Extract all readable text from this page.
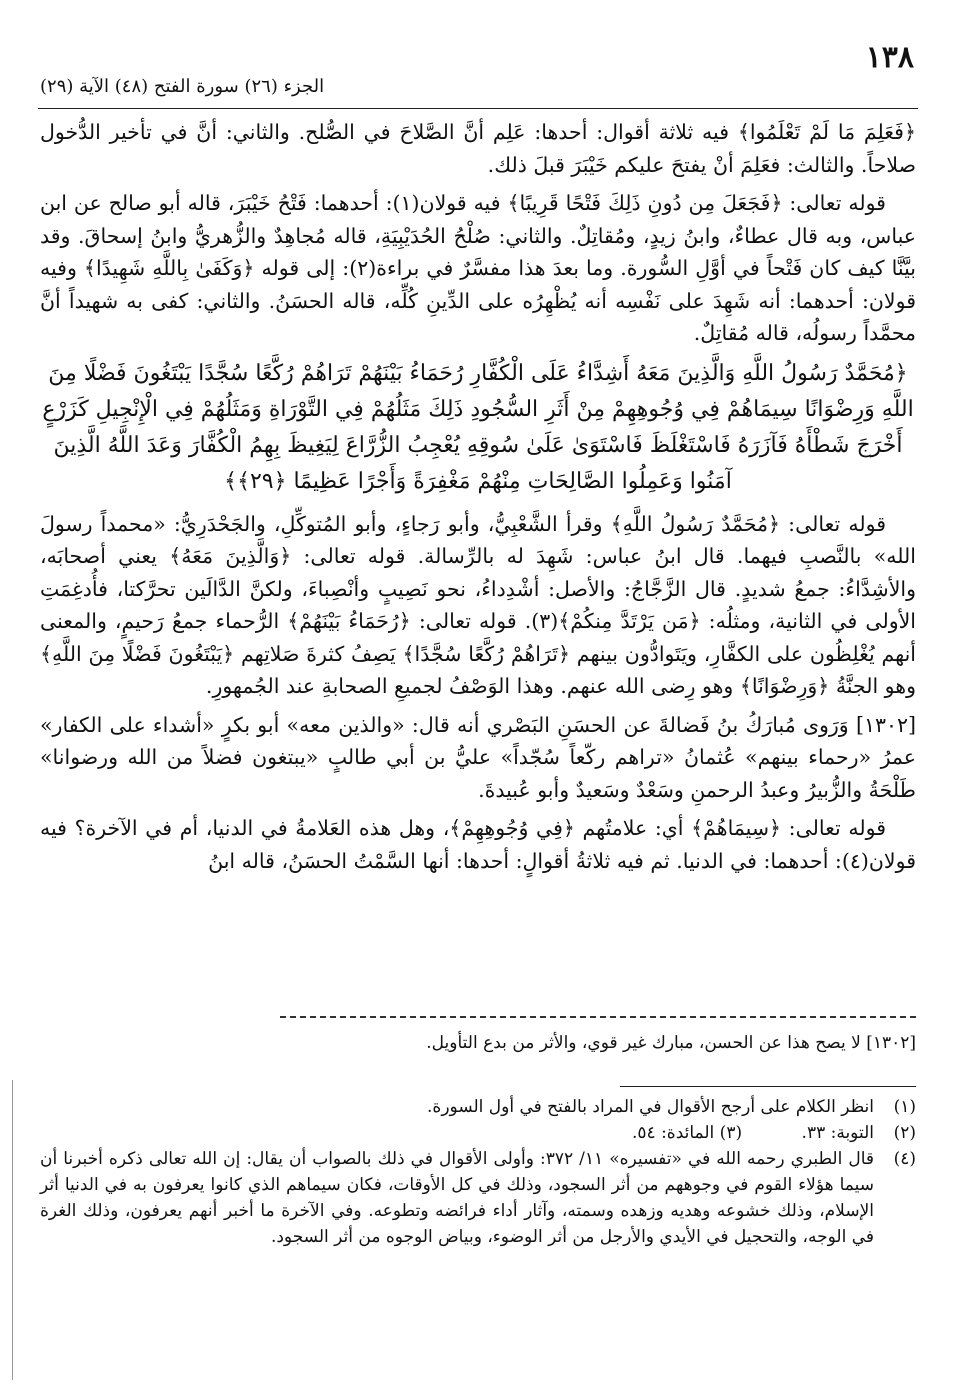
١٣٨
الجزء (٢٦) سورة الفتح (٤٨) الآية (٢٩)

﴿فَعَلِمَ مَا لَمْ تَعْلَمُوا﴾ فيه ثلاثة أقوال: أحدها: عَلِم أنَّ الصَّلاحَ في الصُّلح. والثاني: أنَّ في تأخير الدُّخول صلاحاً. والثالث: فعَلِمَ أنْ يفتحَ عليكم خَيْبَرَ قبلَ ذلك.

قوله تعالى: ﴿فَجَعَلَ مِن دُونِ ذَلِكَ فَتْحًا قَرِيبًا﴾ فيه قولان(١): أحدهما: فَتْحُ خَيْبَرَ، قاله أبو صالح عن ابن عباس، وبه قال عطاءٌ، وابنُ زيدٍ، ومُقاتِلٌ. والثاني: صُلْحُ الحُدَيْبِيَةِ، قاله مُجاهِدٌ والزُّهريُّ وابنُ إسحاقَ. وقد بيَّنَّا كيف كان فَتْحاً في أوَّلِ السُّورة. وما بعدَ هذا مفسَّرٌ في براءة(٢): إلى قوله ﴿وَكَفَىٰ بِاللَّهِ شَهِيدًا﴾ وفيه قولان: أحدهما: أنه شَهِدَ على نَفْسِه أنه يُظْهِرُه على الدِّينِ كُلِّه، قاله الحسَنُ. والثاني: كفى به شهيداً أنَّ محمَّداً رسولُه، قاله مُقاتِلٌ.

﴿مُحَمَّدٌ رَسُولُ اللَّهِ وَالَّذِينَ مَعَهُ أَشِدَّاءُ عَلَى الْكُفَّارِ رُحَمَاءُ بَيْنَهُمْ تَرَاهُمْ رُكَّعًا سُجَّدًا يَبْتَغُونَ فَضْلًا مِنَ اللَّهِ وَرِضْوَانًا سِيمَاهُمْ فِي وُجُوهِهِمْ مِنْ أَثَرِ السُّجُودِ ذَلِكَ مَثَلُهُمْ فِي التَّوْرَاةِ وَمَثَلُهُمْ فِي الْإِنْجِيلِ كَزَرْعٍ أَخْرَجَ شَطْأَهُ فَآزَرَهُ فَاسْتَغْلَظَ فَاسْتَوَىٰ عَلَىٰ سُوقِهِ يُعْجِبُ الزُّرَّاعَ لِيَغِيظَ بِهِمُ الْكُفَّارَ وَعَدَ اللَّهُ الَّذِينَ آمَنُوا وَعَمِلُوا الصَّالِحَاتِ مِنْهُمْ مَغْفِرَةً وَأَجْرًا عَظِيمًا ﴿٢٩﴾﴾

قوله تعالى: ﴿مُحَمَّدٌ رَسُولُ اللَّهِ﴾ وقرأ الشَّعْبِيُّ، وأبو رَجاءٍ، وأبو المُتوكِّلِ، والجَحْدَرِيُّ: «محمداً رسولَ الله» بالنَّصبِ فيهما. قال ابنُ عباس: شَهِدَ له بالرِّسالة. قوله تعالى: ﴿وَالَّذِينَ مَعَهُ﴾ يعني أصحابَه، والأشِدَّاءُ: جمعُ شديدٍ. قال الزَّجَّاجُ: والأصل: أشْدِداءُ، نحو نَصِيبٍ وأنْصِباءَ، ولكنَّ الدَّالَين تحرَّكتا، فأُدغِمَتِ الأولى في الثانية، ومثلُه: ﴿مَن يَرْتَدَّ مِنكُمْ﴾(٣). قوله تعالى: ﴿رُحَمَاءُ بَيْنَهُمْ﴾ الرُّحماء جمعُ رَحيمٍ، والمعنى أنهم يُغْلِظُون على الكفَّارِ، ويَتَوادُّون بينهم ﴿تَرَاهُمْ رُكَّعًا سُجَّدًا﴾ يَصِفُ كثرةَ صَلاتِهم ﴿يَبْتَغُونَ فَضْلًا مِنَ اللَّهِ﴾ وهو الجنَّةُ ﴿وَرِضْوَانًا﴾ وهو رِضى الله عنهم. وهذا الوَصْفُ لجميعِ الصحابةِ عند الجُمهورِ.

[١٣٠٢] وَرَوى مُبارَكُ بنُ فَضالةَ عن الحسَنِ البَصْري أنه قال: «والذين معه» أبو بكرٍ «أشداء على الكفار» عمرُ «رحماء بينهم» عُثمانُ «تراهم ركّعاً سُجّداً» عليُّ بن أبي طالبٍ «يبتغون فضلاً من الله ورضوانا» طَلْحَةُ والزُّبيرُ وعبدُ الرحمنِ وسَعْدٌ وسَعيدٌ وأبو عُبيدةَ.

قوله تعالى: ﴿سِيمَاهُمْ﴾ أي: علامتُهم ﴿فِي وُجُوهِهِمْ﴾، وهل هذه العَلامةُ في الدنيا، أم في الآخرة؟ فيه قولان(٤): أحدهما: في الدنيا. ثم فيه ثلاثةُ أقوالٍ: أحدها: أنها السَّمْتُ الحسَنُ، قاله ابنُ

[١٣٠٢] لا يصح هذا عن الحسن، مبارك غير قوي، والأثر من بدع التأويل.
(١)
انظر الكلام على أرجح الأقوال في المراد بالفتح في أول السورة.
(٢)
التوبة: ٣٣.           (٣) المائدة: ٥٤.
(٤)
قال الطبري رحمه الله في «تفسيره» ١١/ ٣٧٢: وأولى الأقوال في ذلك بالصواب أن يقال: إن الله تعالى ذكره أخبرنا أن سيما هؤلاء القوم في وجوههم من أثر السجود، وذلك في كل الأوقات، فكان سيماهم الذي كانوا يعرفون به في الدنيا أثر الإسلام، وذلك خشوعه وهديه وزهده وسمته، وآثار أداء فرائضه وتطوعه. وفي الآخرة ما أخبر أنهم يعرفون، وذلك الغرة في الوجه، والتحجيل في الأيدي والأرجل من أثر الوضوء، وبياض الوجوه من أثر السجود.
